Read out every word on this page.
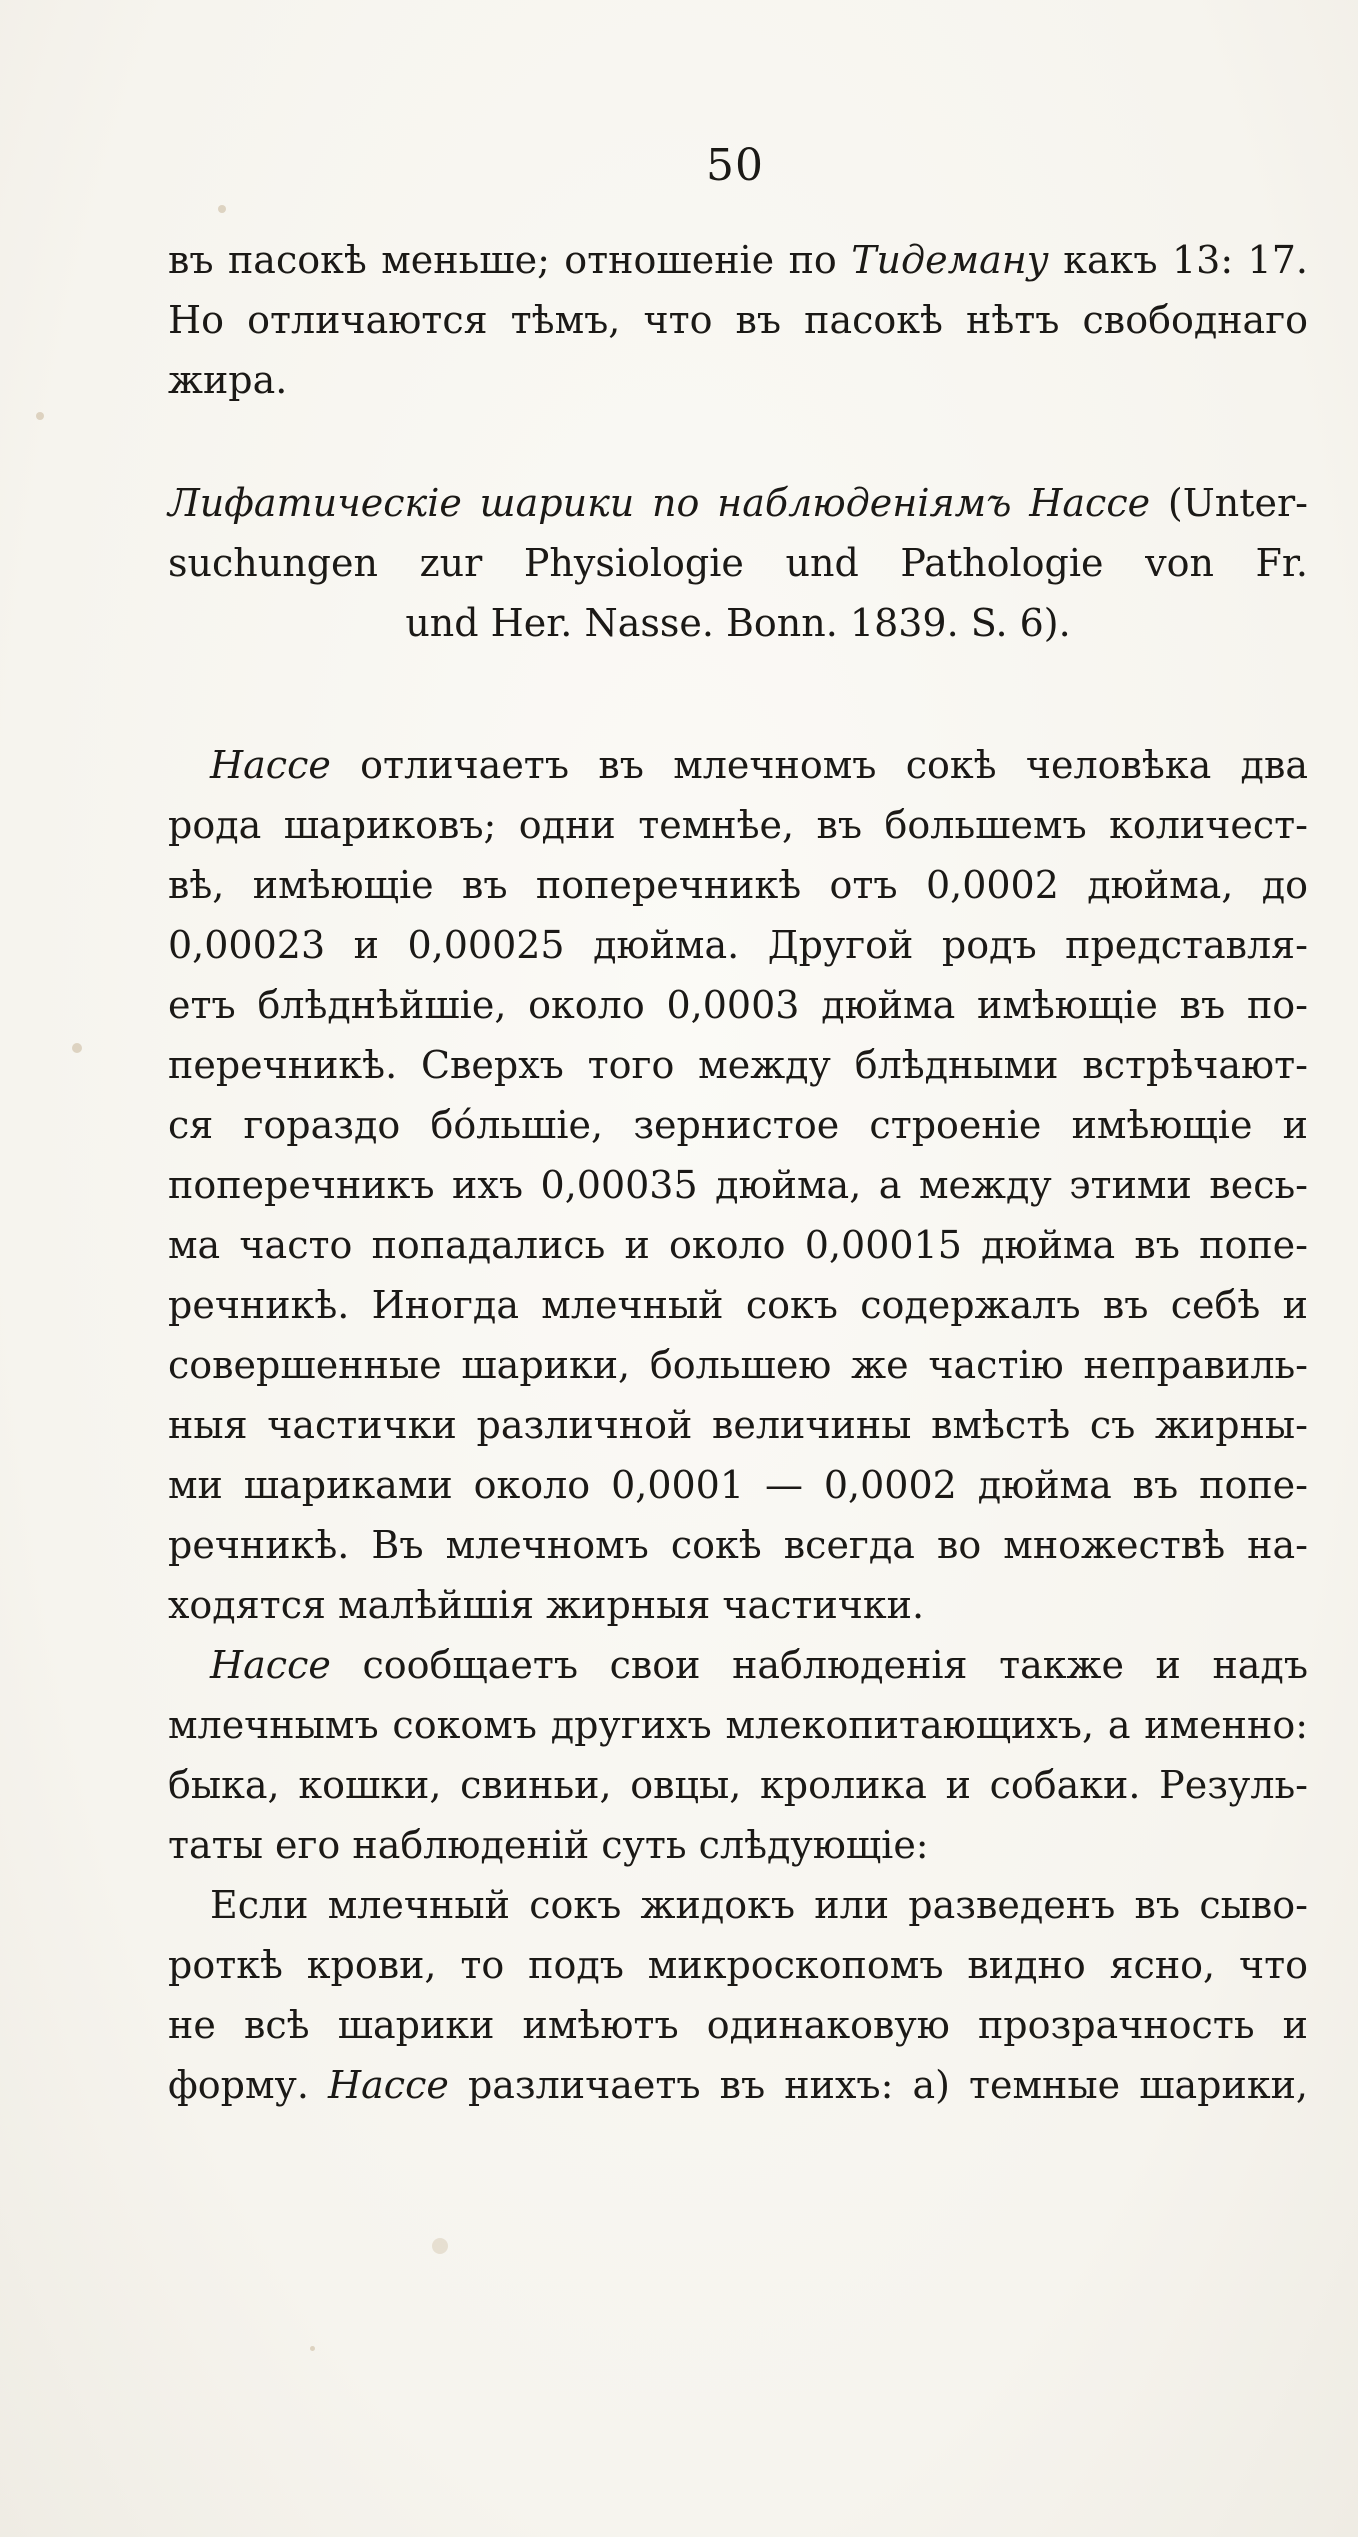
50
въ пасокѣ меньше; отношеніе по Тидеману какъ 13: 17.
Но отличаются тѣмъ, что въ пасокѣ нѣтъ свободнаго
жира.
Лифатическіе шарики по наблюденіямъ Нассе (Unter-
suchungen zur Physiologie und Pathologie von Fr.
und Her. Nasse. Bonn. 1839. S. 6).
Нассе отличаетъ въ млечномъ сокѣ человѣка два
рода шариковъ; одни темнѣе, въ большемъ количест-
вѣ, имѣющіе въ поперечникѣ отъ 0,0002 дюйма, до
0,00023 и 0,00025 дюйма. Другой родъ представля-
етъ блѣднѣйшіе, около 0,0003 дюйма имѣющіе въ по-
перечникѣ. Сверхъ того между блѣдными встрѣчают-
ся гораздо бо́льшіе, зернистое строеніе имѣющіе и
поперечникъ ихъ 0,00035 дюйма, а между этими весь-
ма часто попадались и около 0,00015 дюйма въ попе-
речникѣ. Иногда млечный сокъ содержалъ въ себѣ и
совершенные шарики, большею же частію неправиль-
ныя частички различной величины вмѣстѣ съ жирны-
ми шариками около 0,0001 — 0,0002 дюйма въ попе-
речникѣ. Въ млечномъ сокѣ всегда во множествѣ на-
ходятся малѣйшія жирныя частички.
Нассе сообщаетъ свои наблюденія также и надъ
млечнымъ сокомъ другихъ млекопитающихъ, а именно:
быка, кошки, свиньи, овцы, кролика и собаки. Резуль-
таты его наблюденій суть слѣдующіе:
Если млечный сокъ жидокъ или разведенъ въ сыво-
роткѣ крови, то подъ микроскопомъ видно ясно, что
не всѣ шарики имѣютъ одинаковую прозрачность и
форму. Нассе различаетъ въ нихъ: a) темные шарики,
